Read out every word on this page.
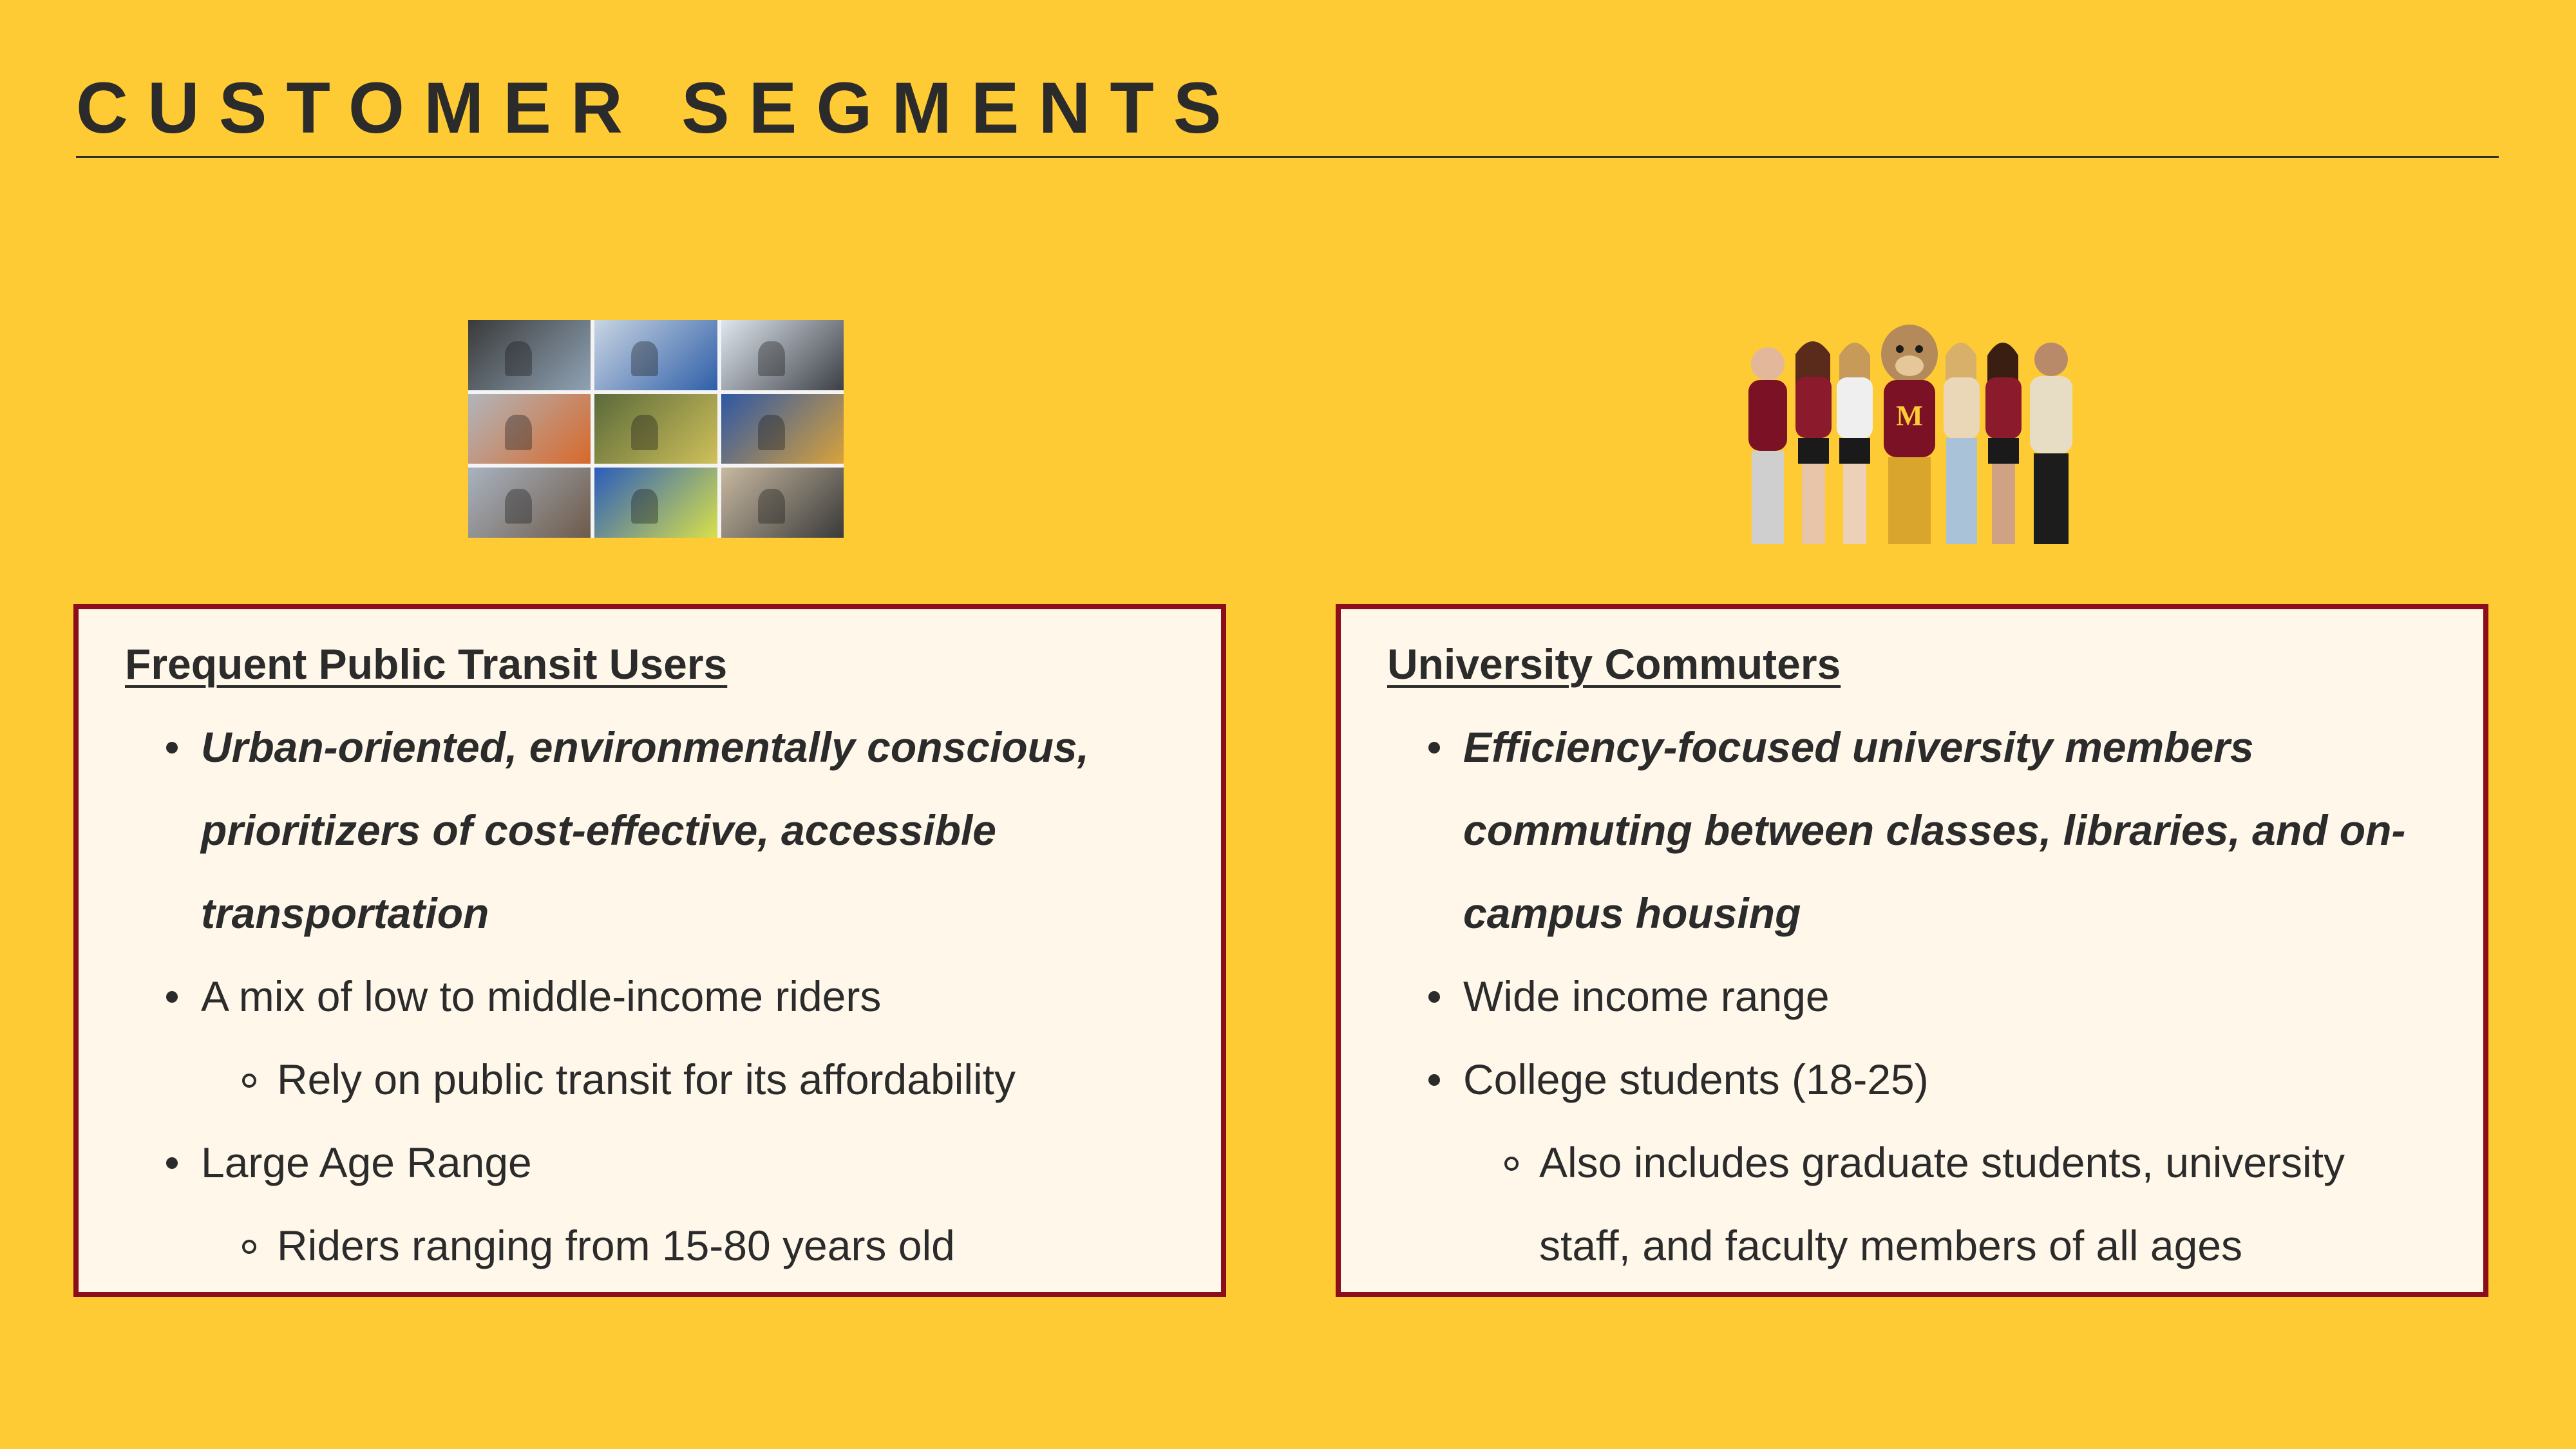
CUSTOMER SEGMENTS
M
Frequent Public Transit Users
Urban-oriented, environmentally conscious,
prioritizers of cost-effective, accessible
transportation
A mix of low to middle-income riders
Rely on public transit for its affordability
Large Age Range
Riders ranging from 15-80 years old
University Commuters
Efficiency-focused university members
commuting between classes, libraries, and on-
campus housing
Wide income range
College students (18-25)
Also includes graduate students, university
staff, and faculty members of all ages
